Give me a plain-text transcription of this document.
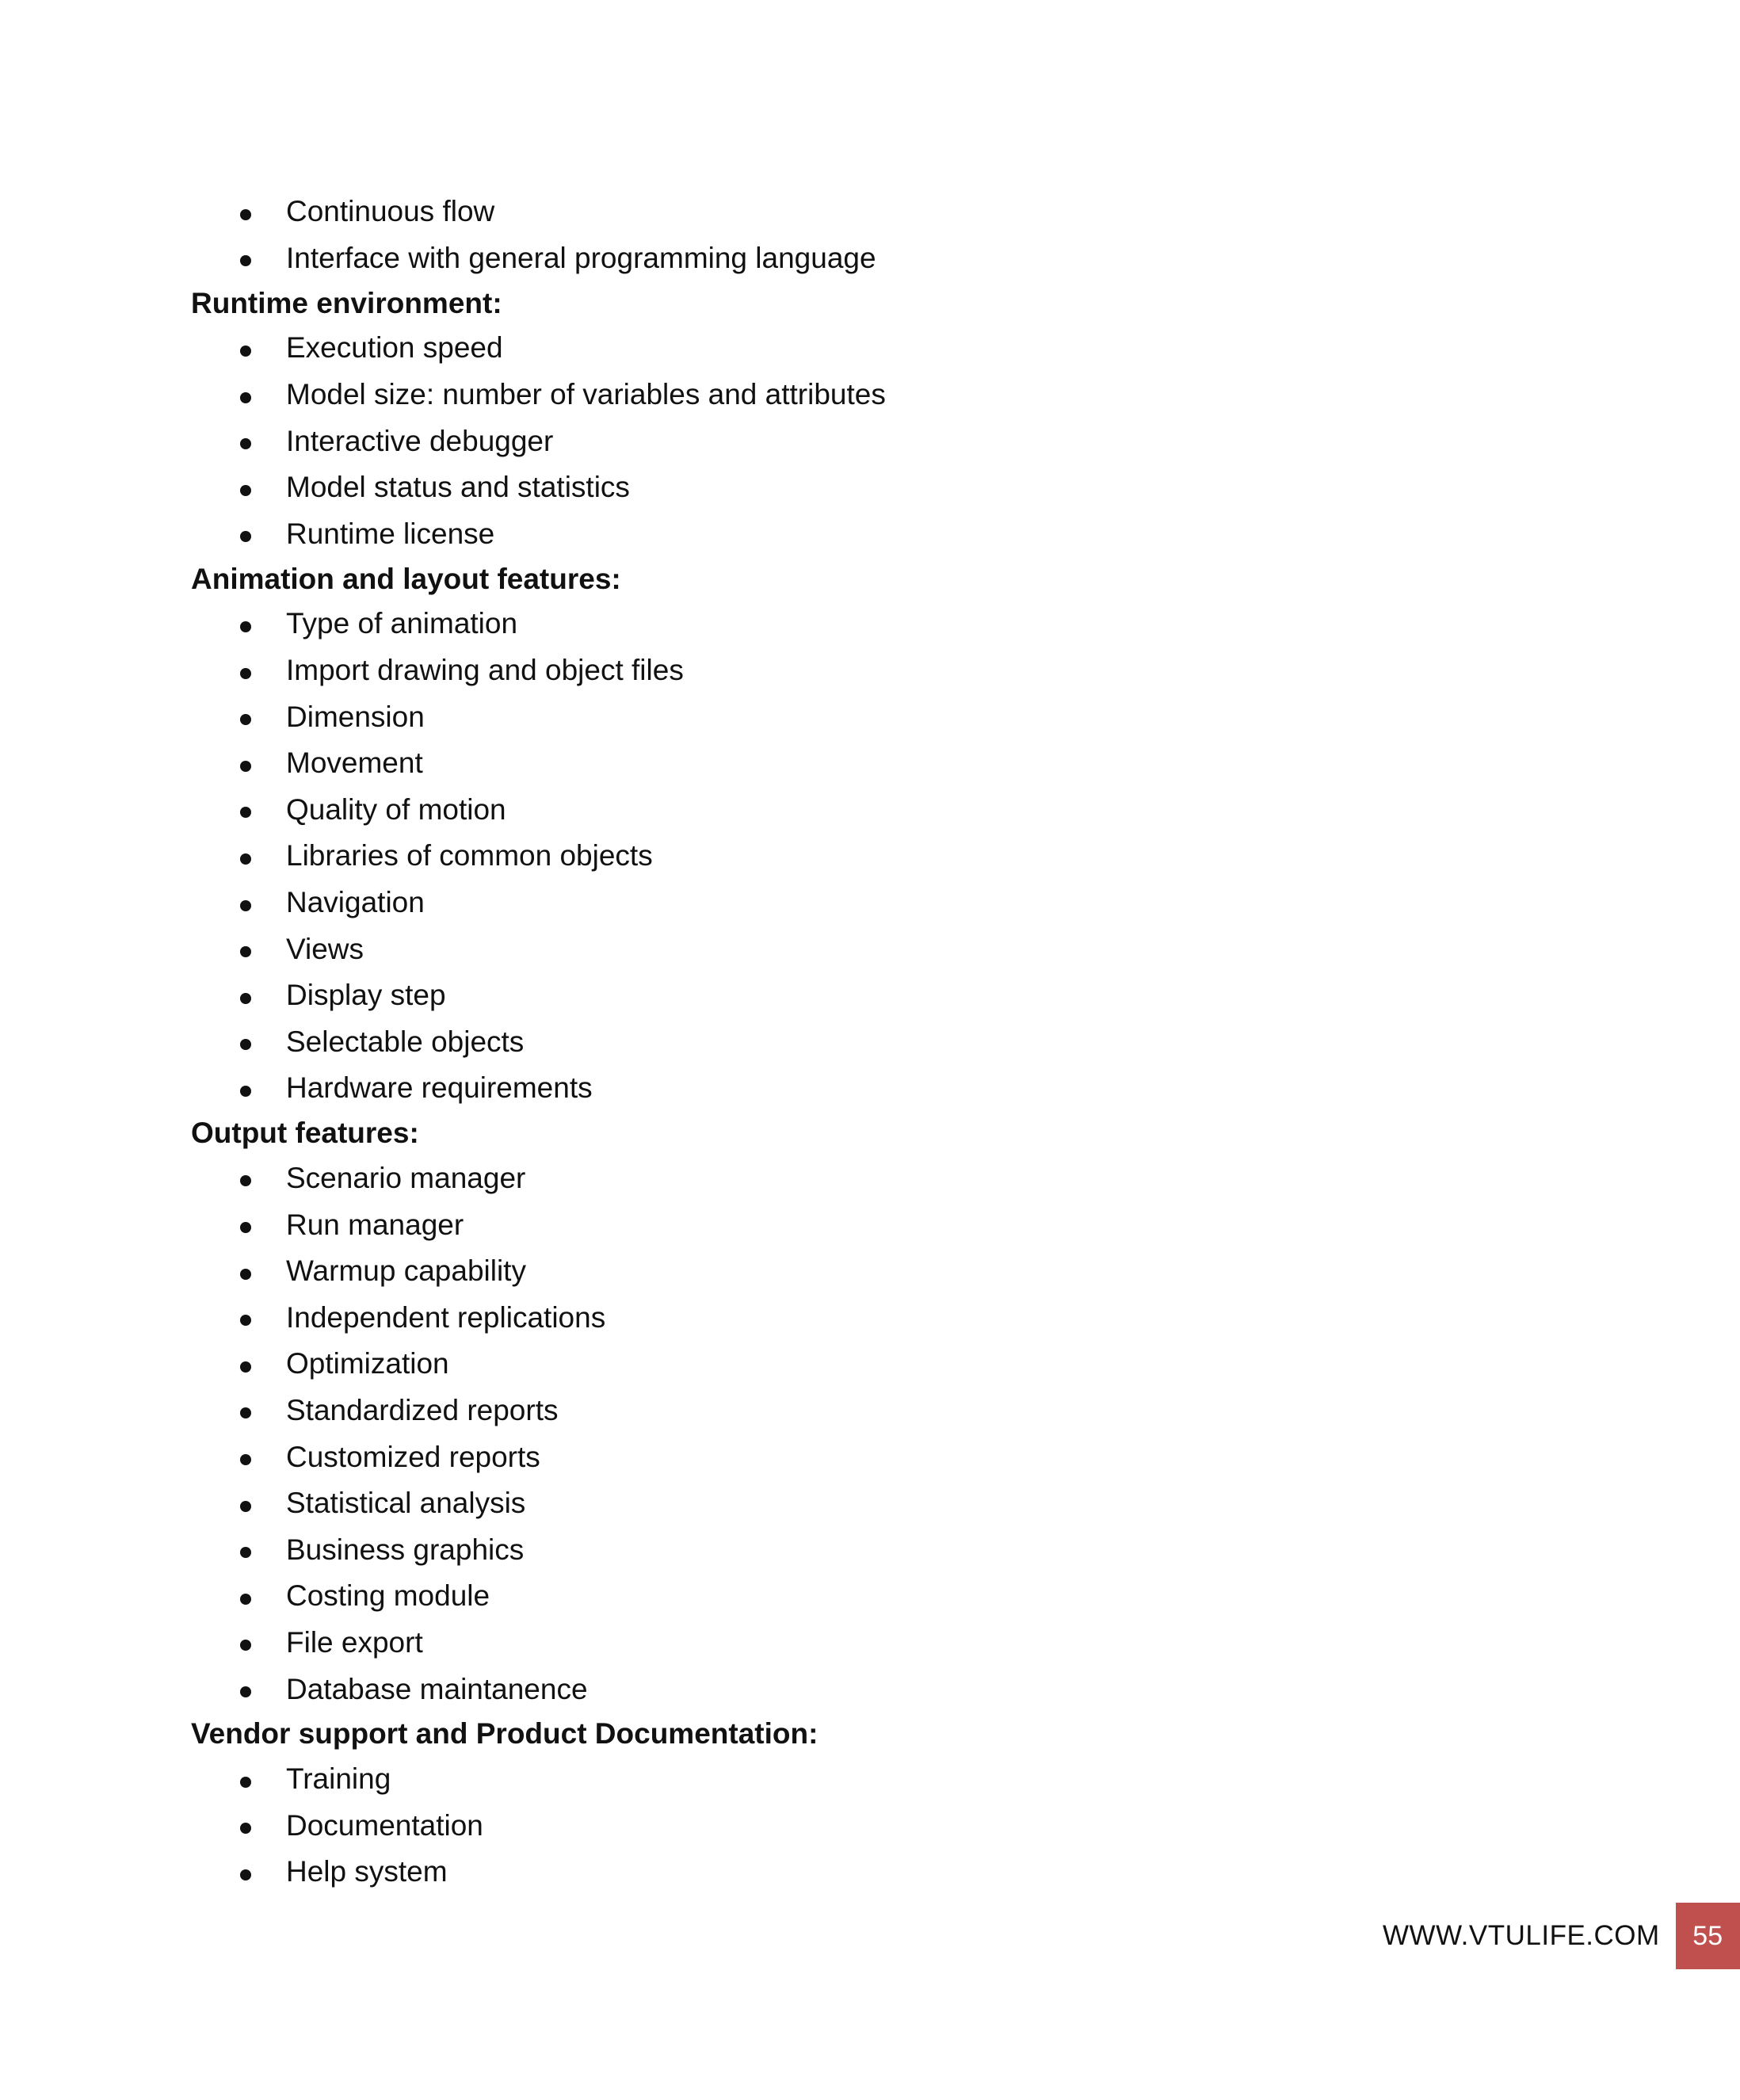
Continuous flow
Interface with general programming language
Runtime environment:
Execution speed
Model size: number of variables and attributes
Interactive debugger
Model status and statistics
Runtime license
Animation and layout features:
Type of animation
Import drawing and object files
Dimension
Movement
Quality of motion
Libraries of common objects
Navigation
Views
Display step
Selectable objects
Hardware requirements
Output features:
Scenario manager
Run manager
Warmup capability
Independent replications
Optimization
Standardized reports
Customized reports
Statistical analysis
Business graphics
Costing module
File export
Database maintanence
Vendor support and Product Documentation:
Training
Documentation
Help system
WWW.VTULIFE.COM	55
